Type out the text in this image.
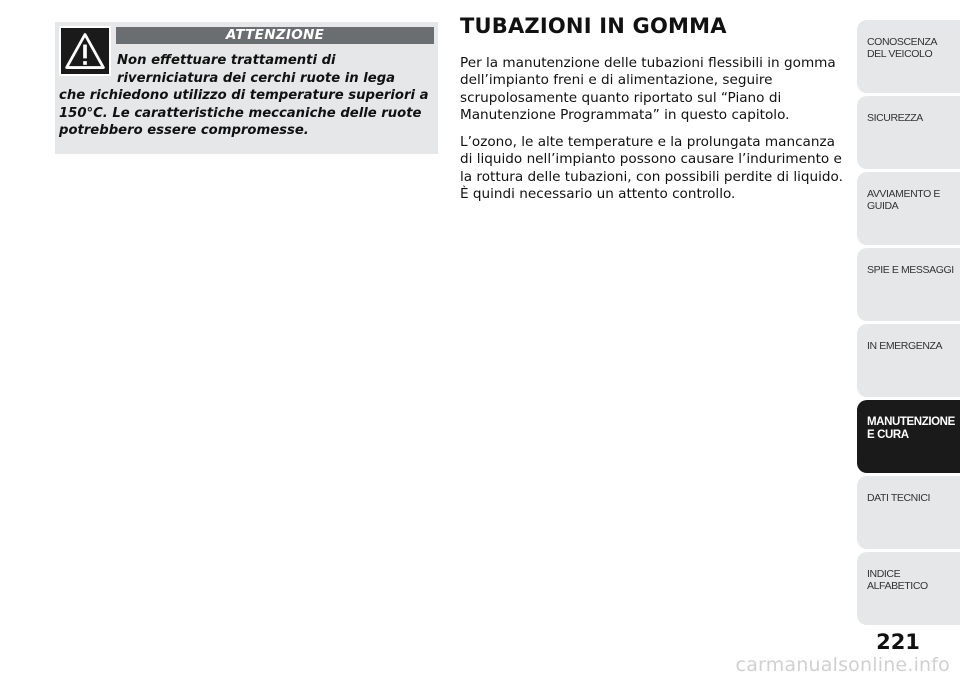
ATTENZIONE
Non effettuare trattamenti di
riverniciatura dei cerchi ruote in lega
che richiedono utilizzo di temperature superiori a 150°C. Le caratteristiche meccaniche delle ruote potrebbero essere compromesse.
TUBAZIONI IN GOMMA

Per la manutenzione delle tubazioni flessibili in gomma dell’impianto freni e di alimentazione, seguire scrupolosamente quanto riportato sul “Piano di Manutenzione Programmata” in questo capitolo.

L’ozono, le alte temperature e la prolungata mancanza di liquido nell’impianto possono causare l’indurimento e la rottura delle tubazioni, con possibili perdite di liquido. È quindi necessario un attento controllo.

CONOSCENZA DEL VEICOLO
SICUREZZA
AVVIAMENTO E GUIDA
SPIE E MESSAGGI
IN EMERGENZA
MANUTENZIONE E CURA
DATI TECNICI
INDICE ALFABETICO
221
carmanualsonline.info
